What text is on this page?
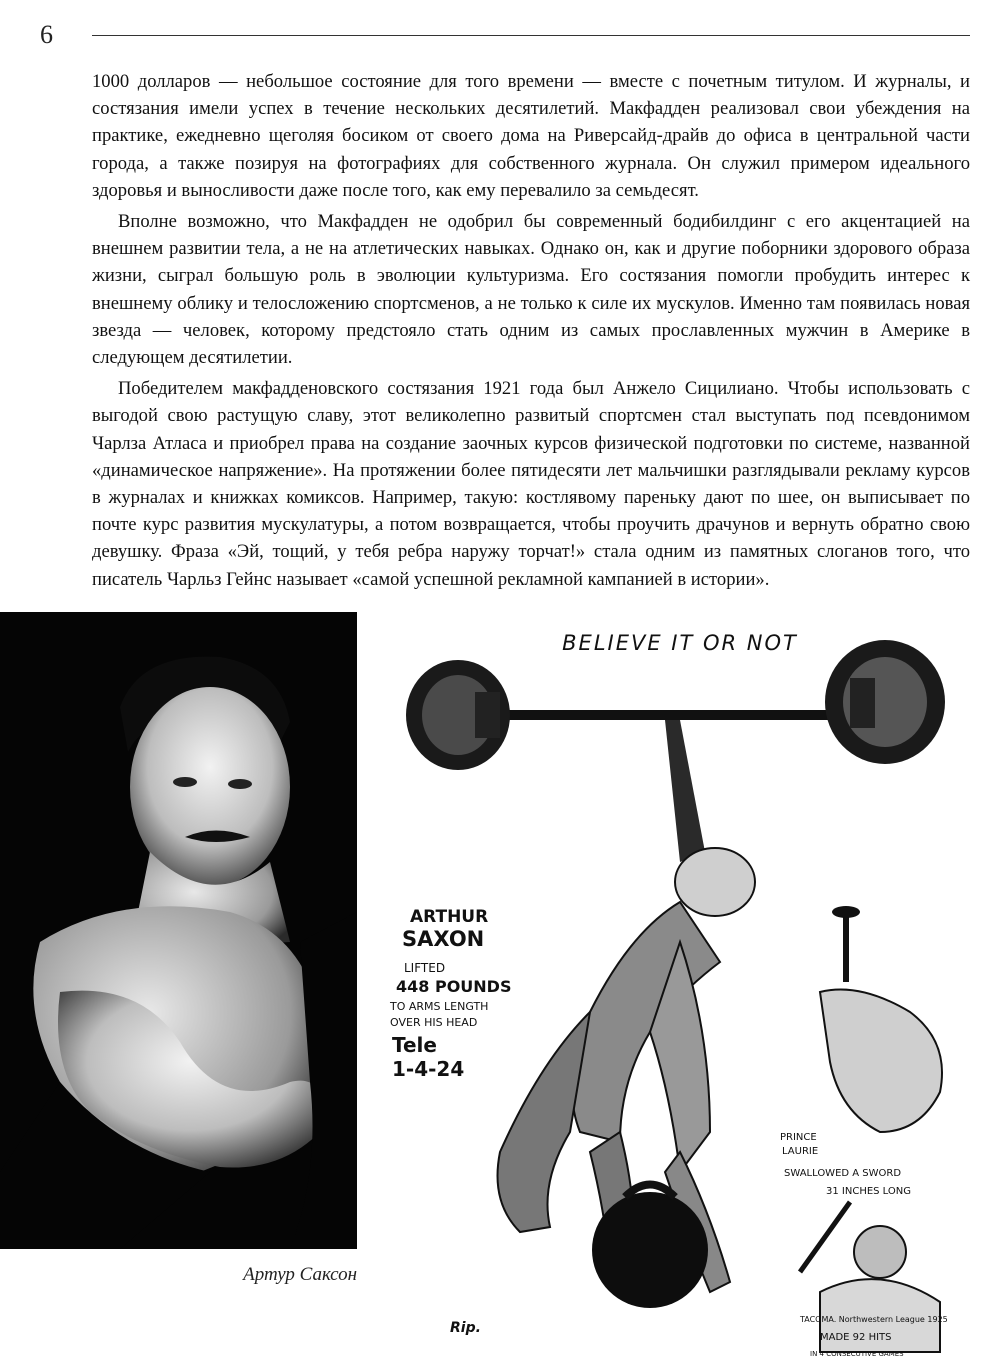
6

1000 долларов — небольшое состояние для того времени — вместе с почетным титулом. И журналы, и состязания имели успех в течение нескольких десятилетий. Макфадден реализовал свои убеждения на практике, ежедневно щеголяя босиком от своего дома на Риверсайд-драйв до офиса в центральной части города, а также позируя на фотографиях для собственного журнала. Он служил примером идеального здоровья и выносливости даже после того, как ему перевалило за семьдесят.

Вполне возможно, что Макфадден не одобрил бы современный бодибилдинг с его акцентацией на внешнем развитии тела, а не на атлетических навыках. Однако он, как и другие поборники здорового образа жизни, сыграл большую роль в эволюции культуризма. Его состязания помогли пробудить интерес к внешнему облику и телосложению спортсменов, а не только к силе их мускулов. Именно там появилась новая звезда — человек, которому предстояло стать одним из самых прославленных мужчин в Америке в следующем десятилетии.

Победителем макфадденовского состязания 1921 года был Анжело Сицилиано. Чтобы использовать с выгодой свою растущую славу, этот великолепно развитый спортсмен стал выступать под псевдонимом Чарлза Атласа и приобрел права на создание заочных курсов физической подготовки по системе, названной «динамическое напряжение». На протяжении более пятидесяти лет мальчишки разглядывали рекламу курсов в журналах и книжках комиксов. Например, такую: костлявому пареньку дают по шее, он выписывает по почте курс развития мускулатуры, а потом возвращается, чтобы проучить драчунов и вернуть обратно свою девушку. Фраза «Эй, тощий, у тебя ребра наружу торчат!» стала одним из памятных слоганов того, что писатель Чарльз Гейнс называет «самой успешной рекламной кампанией в истории».

Артур Саксон
BELIEVE IT OR NOT
ARTHUR
SAXON
LIFTED
448 POUNDS
TO ARMS LENGTH
OVER HIS HEAD
Tele
1-4-24
PRINCE
LAURIE
SWALLOWED A SWORD
31 INCHES LONG
TACOMA. Northwestern League 1925
MADE 92 HITS
IN 4 CONSECUTIVE GAMES
Rip.
